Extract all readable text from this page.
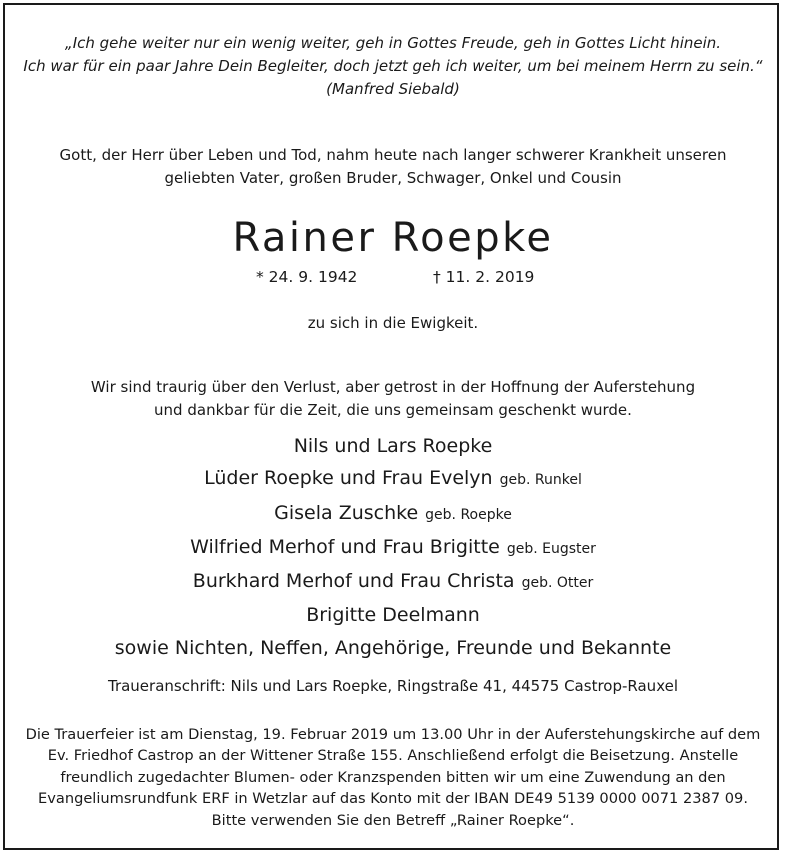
„Ich gehe weiter nur ein wenig weiter, geh in Gottes Freude, geh in Gottes Licht hinein.
Ich war für ein paar Jahre Dein Begleiter, doch jetzt geh ich weiter, um bei meinem Herrn zu sein.“
(Manfred Siebald)
Gott, der Herr über Leben und Tod, nahm heute nach langer schwerer Krankheit unseren
geliebten Vater, großen Bruder, Schwager, Onkel und Cousin
Rainer Roepke
* 24. 9. 1942	† 11. 2. 2019
zu sich in die Ewigkeit.
Wir sind traurig über den Verlust, aber getrost in der Hoffnung der Auferstehung
und dankbar für die Zeit, die uns gemeinsam geschenkt wurde.
Nils und Lars Roepke
Lüder Roepke und Frau Evelyn geb. Runkel
Gisela Zuschke geb. Roepke
Wilfried Merhof und Frau Brigitte geb. Eugster
Burkhard Merhof und Frau Christa geb. Otter
Brigitte Deelmann
sowie Nichten, Neffen, Angehörige, Freunde und Bekannte
Traueranschrift: Nils und Lars Roepke, Ringstraße 41, 44575 Castrop-Rauxel
Die Trauerfeier ist am Dienstag, 19. Februar 2019 um 13.00 Uhr in der Auferstehungskirche auf dem
Ev. Friedhof Castrop an der Wittener Straße 155. Anschließend erfolgt die Beisetzung. Anstelle
freundlich zugedachter Blumen- oder Kranzspenden bitten wir um eine Zuwendung an den
Evangeliumsrundfunk ERF in Wetzlar auf das Konto mit der IBAN DE49 5139 0000 0071 2387 09.
Bitte verwenden Sie den Betreff „Rainer Roepke“.
